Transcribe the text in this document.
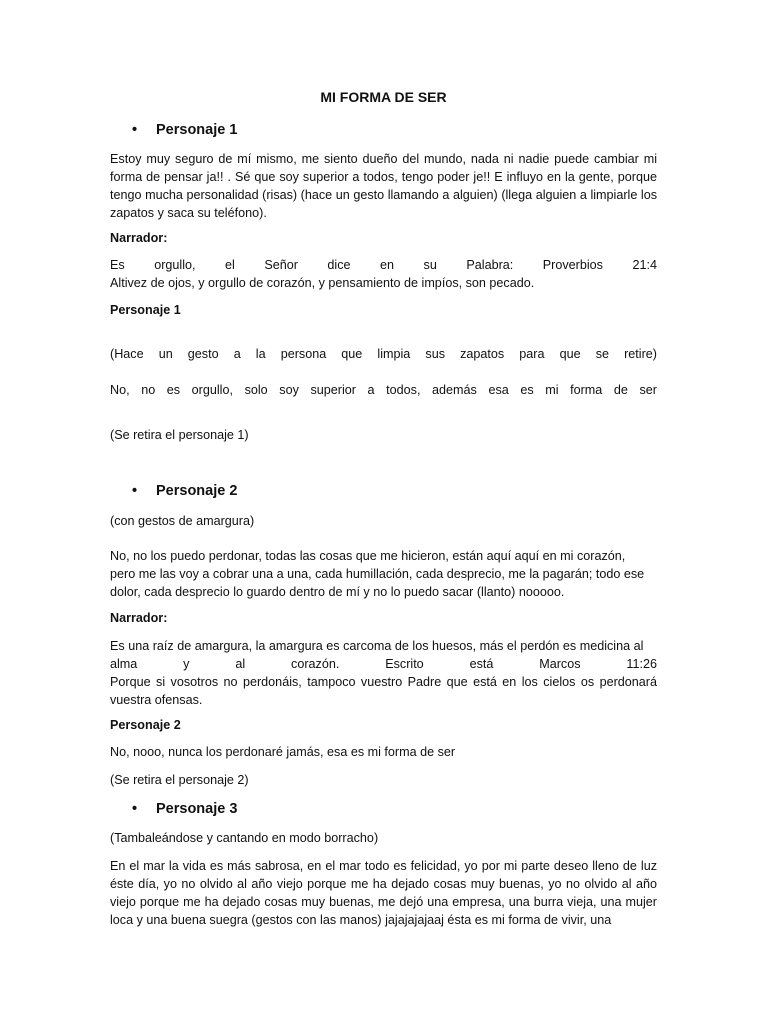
MI FORMA DE SER

• Personaje 1

Estoy muy seguro de mí mismo, me siento dueño del mundo, nada ni nadie puede cambiar mi forma de pensar ja!! . Sé que soy superior a todos, tengo poder je!! E influyo en la gente, porque tengo mucha personalidad (risas) (hace un gesto llamando a alguien) (llega alguien a limpiarle los zapatos y saca su teléfono).

Narrador:

Es orgullo, el Señor dice en su Palabra: Proverbios 21:4

Altivez de ojos, y orgullo de corazón, y pensamiento de impíos, son pecado.

Personaje 1

(Hace un gesto a la persona que limpia sus zapatos para que se retire)

No, no es orgullo, solo soy superior a todos, además esa es mi forma de ser

(Se retira el personaje 1)

• Personaje 2

(con gestos de amargura)

No, no los puedo perdonar, todas las cosas que me hicieron, están aquí aquí en mi corazón,

pero me las voy a cobrar una a una, cada humillación, cada desprecio, me la pagarán; todo ese

dolor, cada desprecio lo guardo dentro de mí y no lo puedo sacar (llanto) nooooo.

Narrador:

Es una raíz de amargura, la amargura es carcoma de los huesos, más el perdón es medicina al

alma y al corazón. Escrito está Marcos 11:26

Porque si vosotros no perdonáis, tampoco vuestro Padre que está en los cielos os perdonará vuestra ofensas.

Personaje 2

No, nooo, nunca los perdonaré jamás, esa es mi forma de ser

(Se retira el personaje 2)

• Personaje 3

(Tambaleándose y cantando en modo borracho)

En el mar la vida es más sabrosa, en el mar todo es felicidad, yo por mi parte deseo lleno de luz éste día, yo no olvido al año viejo porque me ha dejado cosas muy buenas, yo no olvido al año viejo porque me ha dejado cosas muy buenas, me dejó una empresa, una burra vieja, una mujer loca y una buena suegra (gestos con las manos) jajajajajaaj ésta es mi forma de vivir, una
